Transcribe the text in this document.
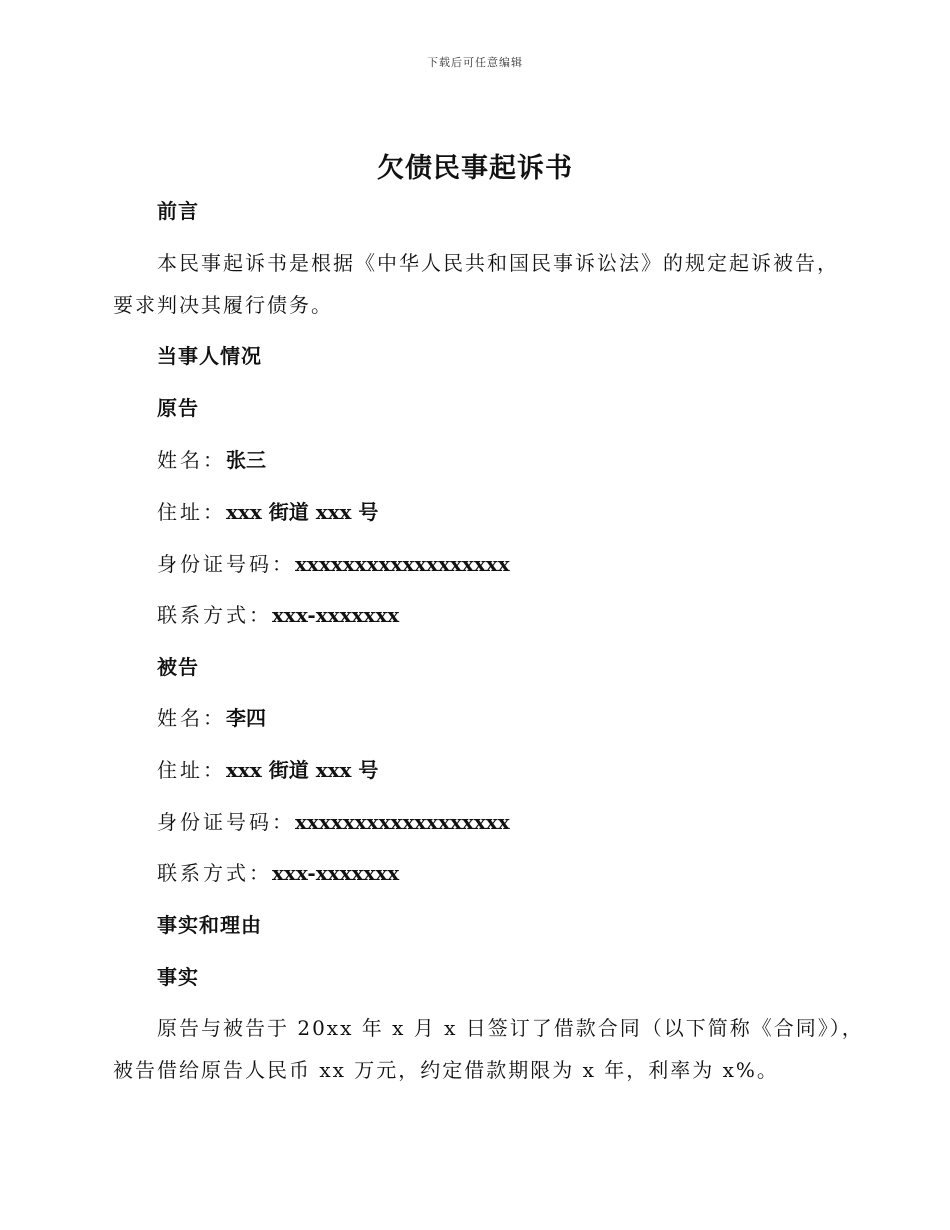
下载后可任意编辑
欠债民事起诉书
前言
本民事起诉书是根据《中华人民共和国民事诉讼法》的规定起诉被告，
要求判决其履行债务。
当事人情况
原告
姓名：张三
住址：xxx 街道 xxx 号
身份证号码：xxxxxxxxxxxxxxxxxx
联系方式：xxx-xxxxxxx
被告
姓名：李四
住址：xxx 街道 xxx 号
身份证号码：xxxxxxxxxxxxxxxxxx
联系方式：xxx-xxxxxxx
事实和理由
事实
原告与被告于 20xx 年 x 月 x 日签订了借款合同（以下简称《合同》），
被告借给原告人民币 xx 万元，约定借款期限为 x 年，利率为 x%。
